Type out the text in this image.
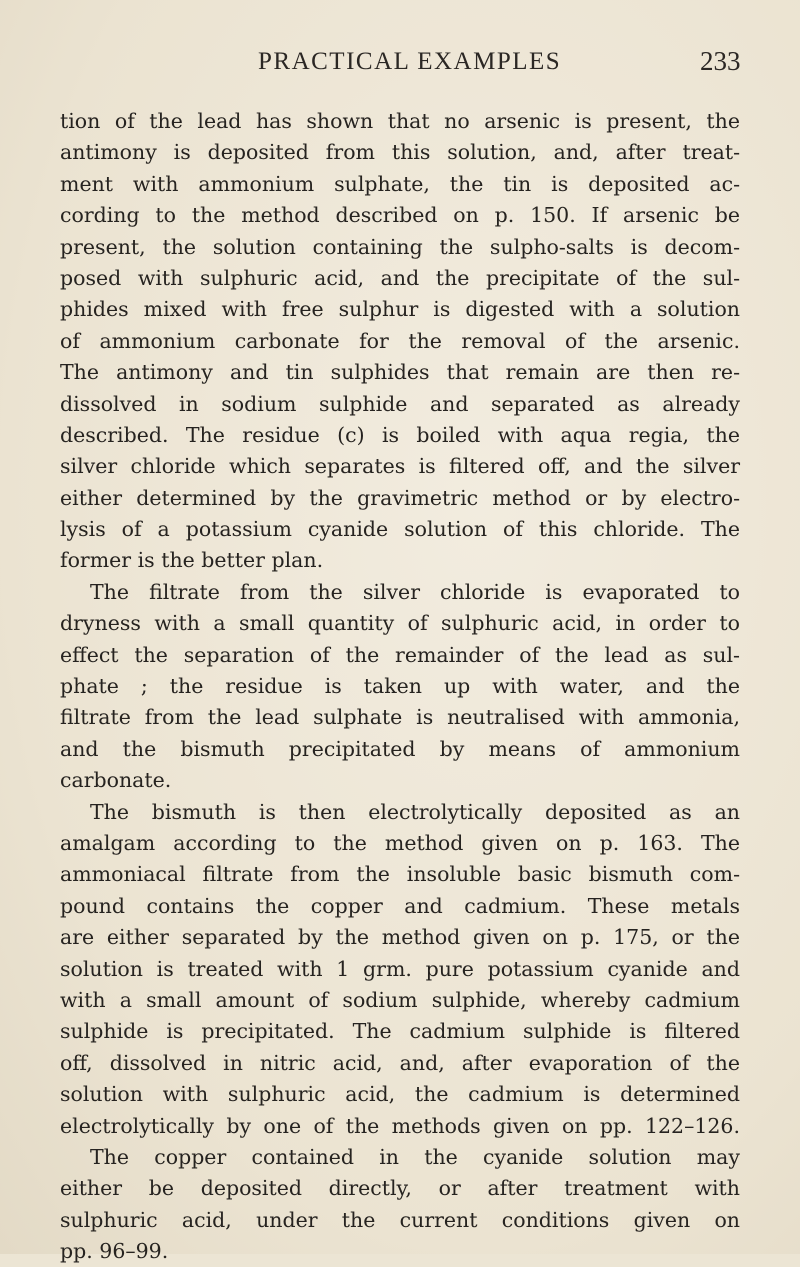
PRACTICAL EXAMPLES	233
tion of the lead has shown that no arsenic is present, the
antimony is deposited from this solution, and, after treat-
ment with ammonium sulphate, the tin is deposited ac-
cording to the method described on p. 150. If arsenic be
present, the solution containing the sulpho-salts is decom-
posed with sulphuric acid, and the precipitate of the sul-
phides mixed with free sulphur is digested with a solution
of ammonium carbonate for the removal of the arsenic.
The antimony and tin sulphides that remain are then re-
dissolved in sodium sulphide and separated as already
described. The residue (c) is boiled with aqua regia, the
silver chloride which separates is filtered off, and the silver
either determined by the gravimetric method or by electro-
lysis of a potassium cyanide solution of this chloride. The
former is the better plan.
The filtrate from the silver chloride is evaporated to
dryness with a small quantity of sulphuric acid, in order to
effect the separation of the remainder of the lead as sul-
phate ; the residue is taken up with water, and the
filtrate from the lead sulphate is neutralised with ammonia,
and the bismuth precipitated by means of ammonium
carbonate.
The bismuth is then electrolytically deposited as an
amalgam according to the method given on p. 163. The
ammoniacal filtrate from the insoluble basic bismuth com-
pound contains the copper and cadmium. These metals
are either separated by the method given on p. 175, or the
solution is treated with 1 grm. pure potassium cyanide and
with a small amount of sodium sulphide, whereby cadmium
sulphide is precipitated. The cadmium sulphide is filtered
off, dissolved in nitric acid, and, after evaporation of the
solution with sulphuric acid, the cadmium is determined
electrolytically by one of the methods given on pp. 122–126.
The copper contained in the cyanide solution may
either be deposited directly, or after treatment with
sulphuric acid, under the current conditions given on
pp. 96–99.
